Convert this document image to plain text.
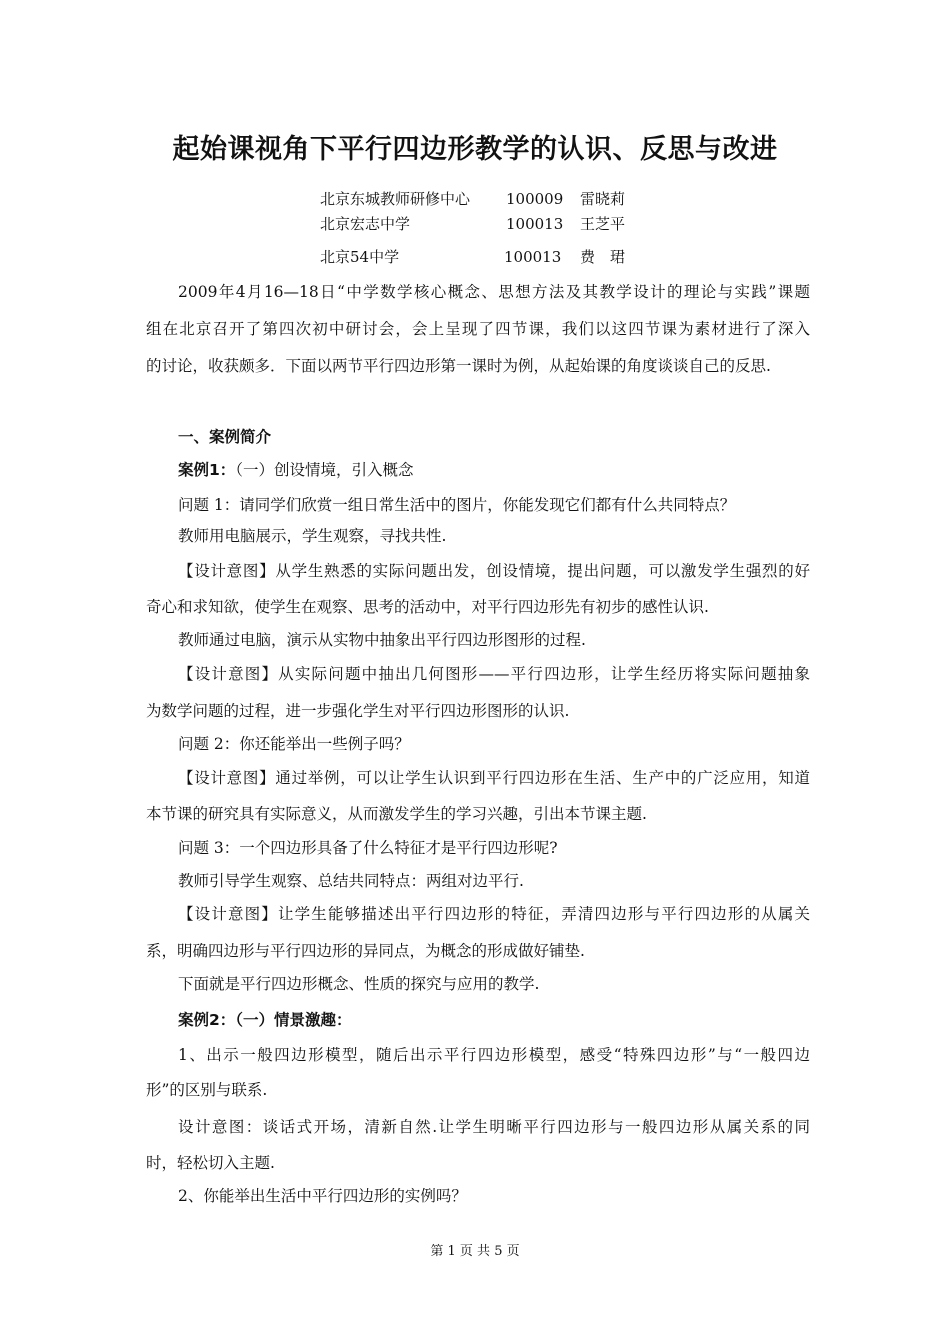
起始课视角下平行四边形教学的认识、反思与改进
北京东城教师研修中心 100009 雷晓莉
北京宏志中学	100013 王芝平
北京54中学	100013 费　珺
2009年4月16—18日“中学数学核心概念、思想方法及其教学设计的理论与实践”课题
组在北京召开了第四次初中研讨会，会上呈现了四节课，我们以这四节课为素材进行了深入
的讨论，收获颇多．下面以两节平行四边形第一课时为例，从起始课的角度谈谈自己的反思.
一、案例简介
案例1：（一）创设情境，引入概念
问题 1：请同学们欣赏一组日常生活中的图片，你能发现它们都有什么共同特点？
教师用电脑展示，学生观察，寻找共性.
【设计意图】从学生熟悉的实际问题出发，创设情境，提出问题，可以激发学生强烈的好
奇心和求知欲，使学生在观察、思考的活动中，对平行四边形先有初步的感性认识.
教师通过电脑，演示从实物中抽象出平行四边形图形的过程.
【设计意图】从实际问题中抽出几何图形——平行四边形，让学生经历将实际问题抽象
为数学问题的过程，进一步强化学生对平行四边形图形的认识.
问题 2：你还能举出一些例子吗？
【设计意图】通过举例，可以让学生认识到平行四边形在生活、生产中的广泛应用，知道
本节课的研究具有实际意义，从而激发学生的学习兴趣，引出本节课主题.
问题 3：一个四边形具备了什么特征才是平行四边形呢?
教师引导学生观察、总结共同特点：两组对边平行.
【设计意图】让学生能够描述出平行四边形的特征，弄清四边形与平行四边形的从属关
系，明确四边形与平行四边形的异同点，为概念的形成做好铺垫.
下面就是平行四边形概念、性质的探究与应用的教学.
案例2：（一）情景激趣：
1、出示一般四边形模型，随后出示平行四边形模型，感受“特殊四边形”与“一般四边
形”的区别与联系.
设计意图：谈话式开场，清新自然.让学生明晰平行四边形与一般四边形从属关系的同
时，轻松切入主题.
2、你能举出生活中平行四边形的实例吗？
第 1 页 共 5 页
